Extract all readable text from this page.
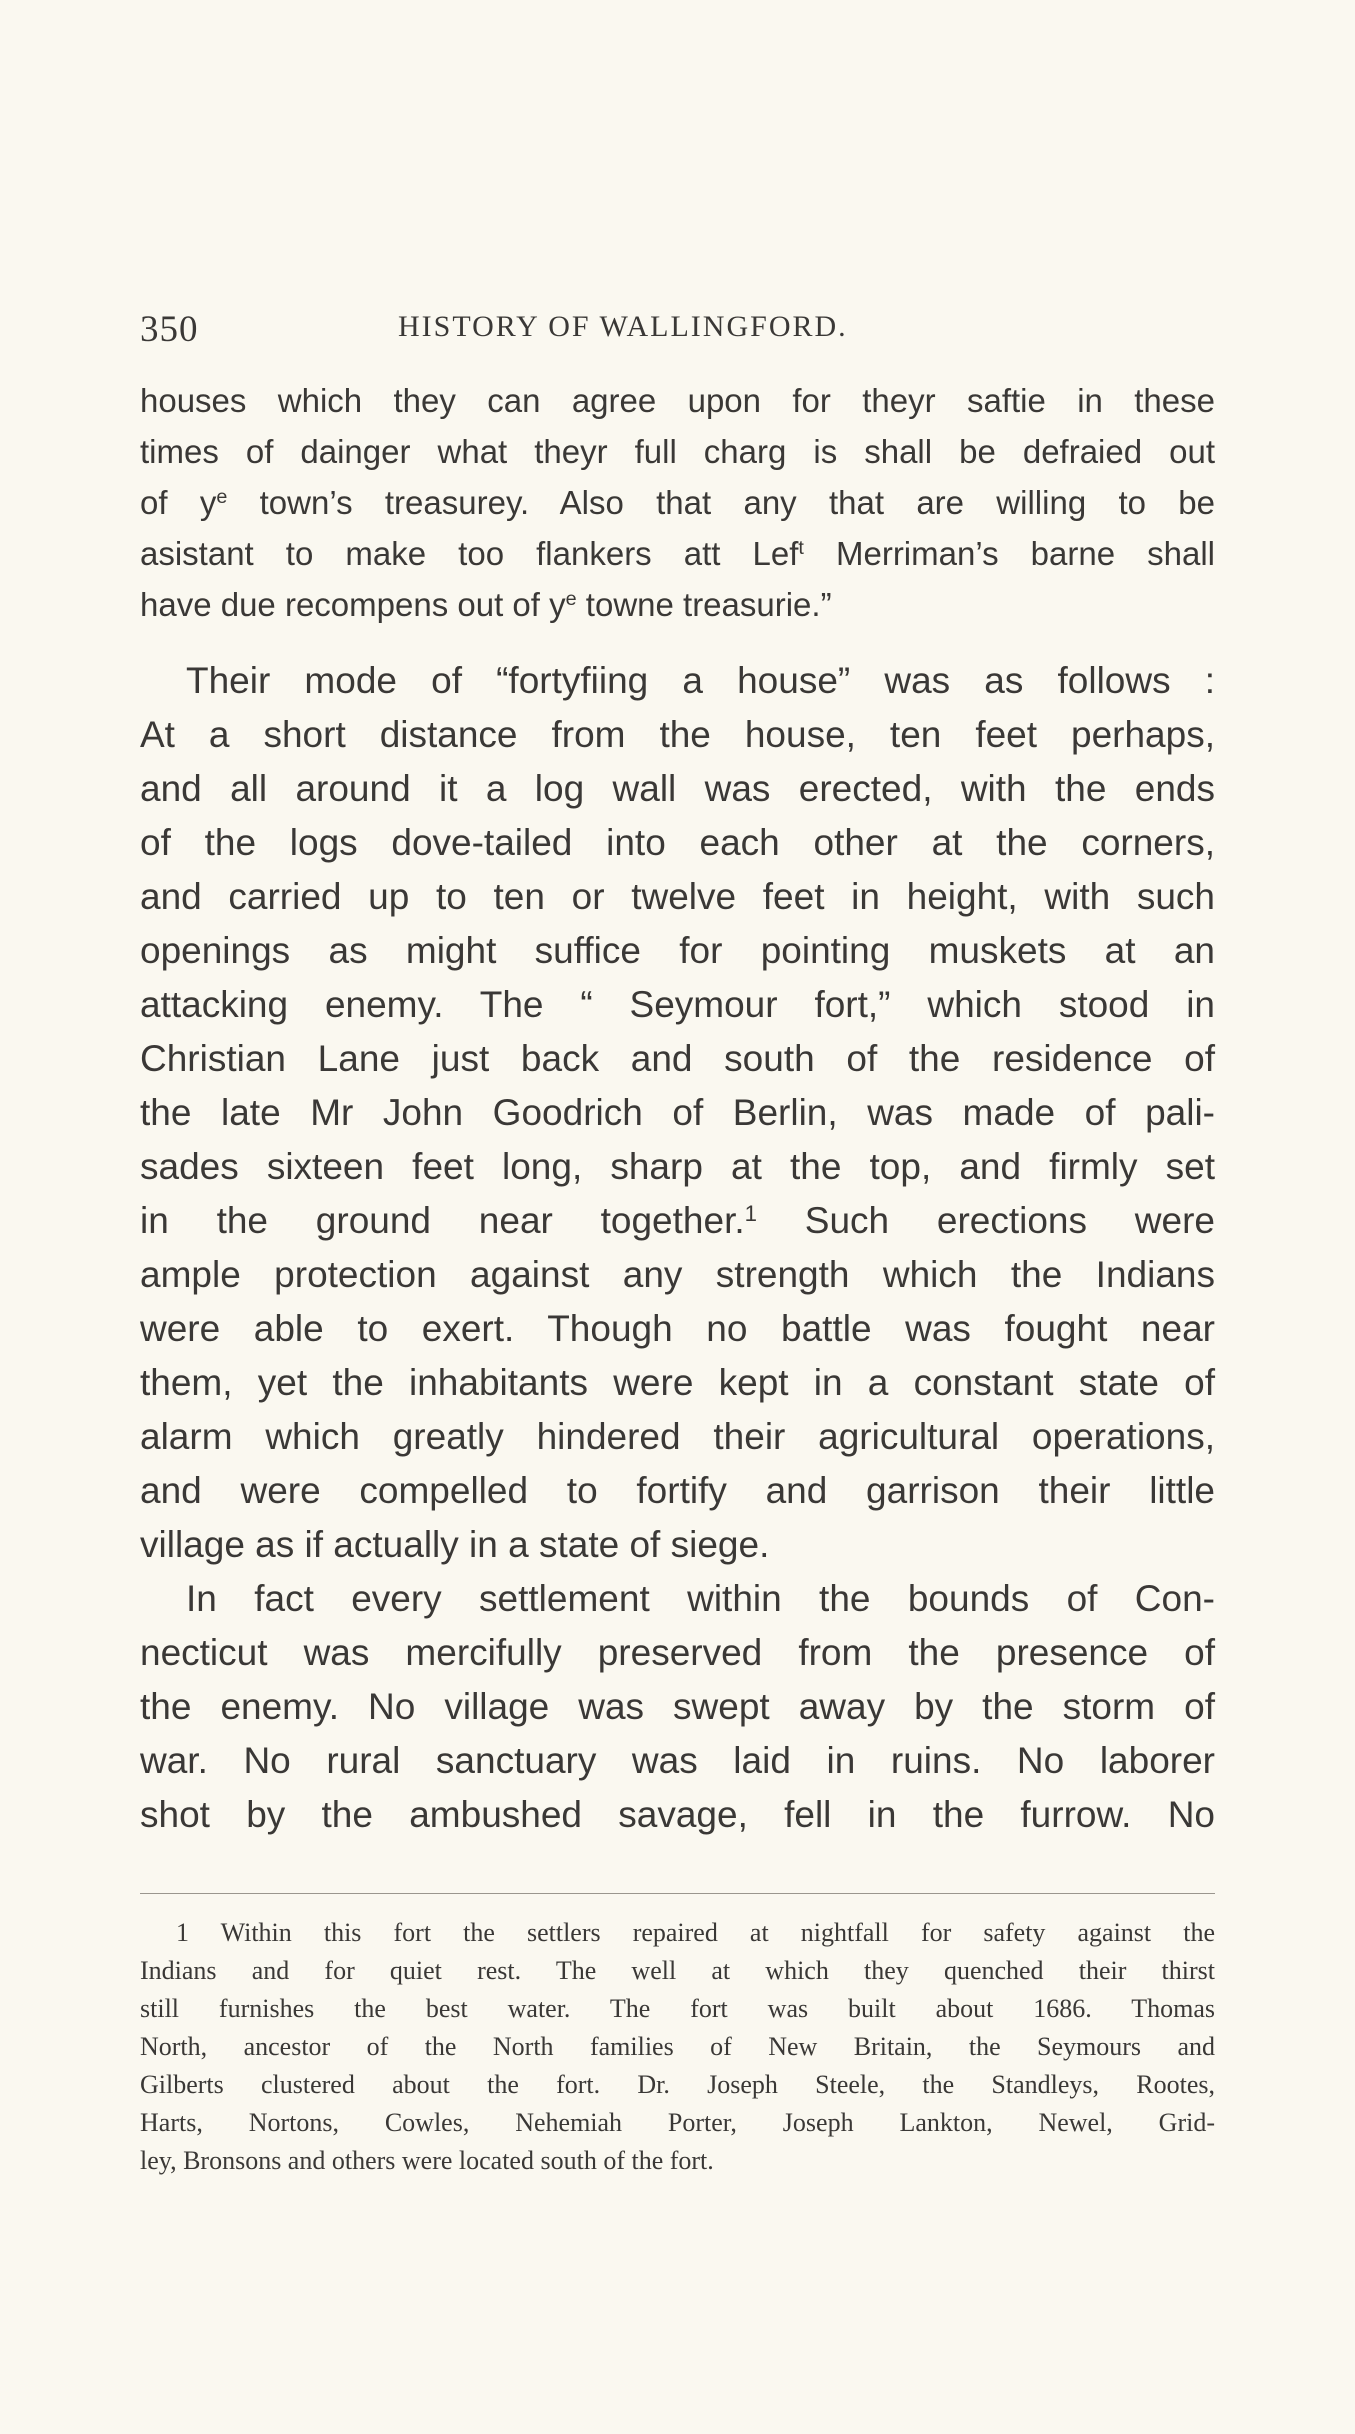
350	HISTORY OF WALLINGFORD.
houses which they can agree upon for theyr saftie in these
times of dainger what theyr full charg is shall be defraied out
of $y^e$ town’s treasurey. Also that any that are willing to be
asistant to make too flankers att Lef$^t$ Merriman’s barne shall
have due recompens out of $y^e$ towne treasurie.”
Their mode of “fortyfiing a house” was as follows :
At a short distance from the house, ten feet perhaps,
and all around it a log wall was erected, with the ends
of the logs dove-tailed into each other at the corners,
and carried up to ten or twelve feet in height, with such
openings as might suffice for pointing muskets at an
attacking enemy. The “ Seymour fort,” which stood in
Christian Lane just back and south of the residence of
the late Mr John Goodrich of Berlin, was made of pali-
sades sixteen feet long, sharp at the top, and firmly set
in the ground near together.$^1$ Such erections were
ample protection against any strength which the Indians
were able to exert. Though no battle was fought near
them, yet the inhabitants were kept in a constant state of
alarm which greatly hindered their agricultural operations,
and were compelled to fortify and garrison their little
village as if actually in a state of siege.
In fact every settlement within the bounds of Con-
necticut was mercifully preserved from the presence of
the enemy. No village was swept away by the storm of
war. No rural sanctuary was laid in ruins. No laborer
shot by the ambushed savage, fell in the furrow. No
1 Within this fort the settlers repaired at nightfall for safety against the
Indians and for quiet rest. The well at which they quenched their thirst
still furnishes the best water. The fort was built about 1686. Thomas
North, ancestor of the North families of New Britain, the Seymours and
Gilberts clustered about the fort. Dr. Joseph Steele, the Standleys, Rootes,
Harts, Nortons, Cowles, Nehemiah Porter, Joseph Lankton, Newel, Grid-
ley, Bronsons and others were located south of the fort.
